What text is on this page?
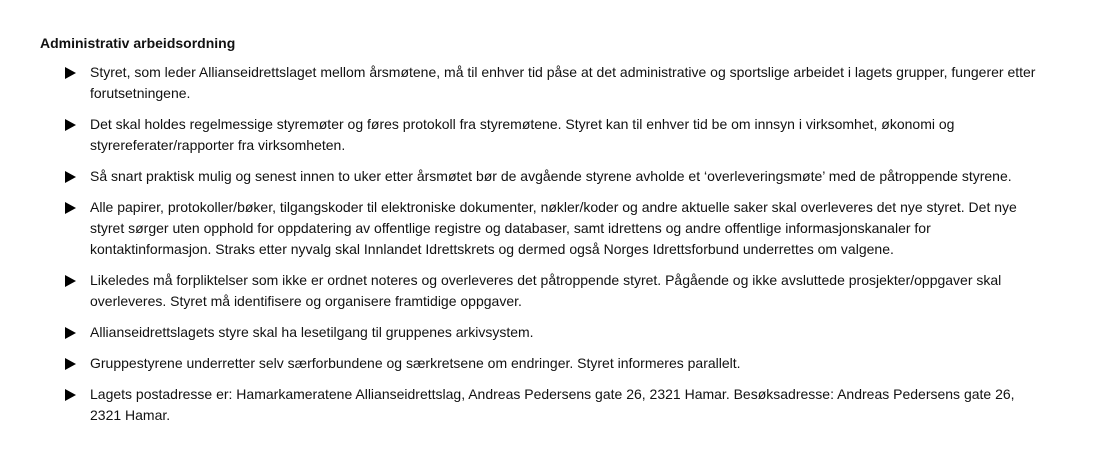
Administrativ arbeidsordning
Styret, som leder Allianseidrettslaget mellom årsmøtene, må til enhver tid påse at det administrative og sportslige arbeidet i lagets grupper, fungerer etter forutsetningene.
Det skal holdes regelmessige styremøter og føres protokoll fra styremøtene. Styret kan til enhver tid be om innsyn i virksomhet, økonomi og styrereferater/rapporter fra virksomheten.
Så snart praktisk mulig og senest innen to uker etter årsmøtet bør de avgående styrene avholde et ‘overleveringsmøte’ med de påtroppende styrene.
Alle papirer, protokoller/bøker, tilgangskoder til elektroniske dokumenter, nøkler/koder og andre aktuelle saker skal overleveres det nye styret. Det nye styret sørger uten opphold for oppdatering av offentlige registre og databaser, samt idrettens og andre offentlige informasjonskanaler for kontaktinformasjon. Straks etter nyvalg skal Innlandet Idrettskrets og dermed også Norges Idrettsforbund underrettes om valgene.
Likeledes må forpliktelser som ikke er ordnet noteres og overleveres det påtroppende styret. Pågående og ikke avsluttede prosjekter/oppgaver skal overleveres. Styret må identifisere og organisere framtidige oppgaver.
Allianseidrettslagets styre skal ha lesetilgang til gruppenes arkivsystem.
Gruppestyrene underretter selv særforbundene og særkretsene om endringer. Styret informeres parallelt.
Lagets postadresse er: Hamarkameratene Allianseidrettslag, Andreas Pedersens gate 26, 2321 Hamar. Besøksadresse: Andreas Pedersens gate 26, 2321 Hamar.
